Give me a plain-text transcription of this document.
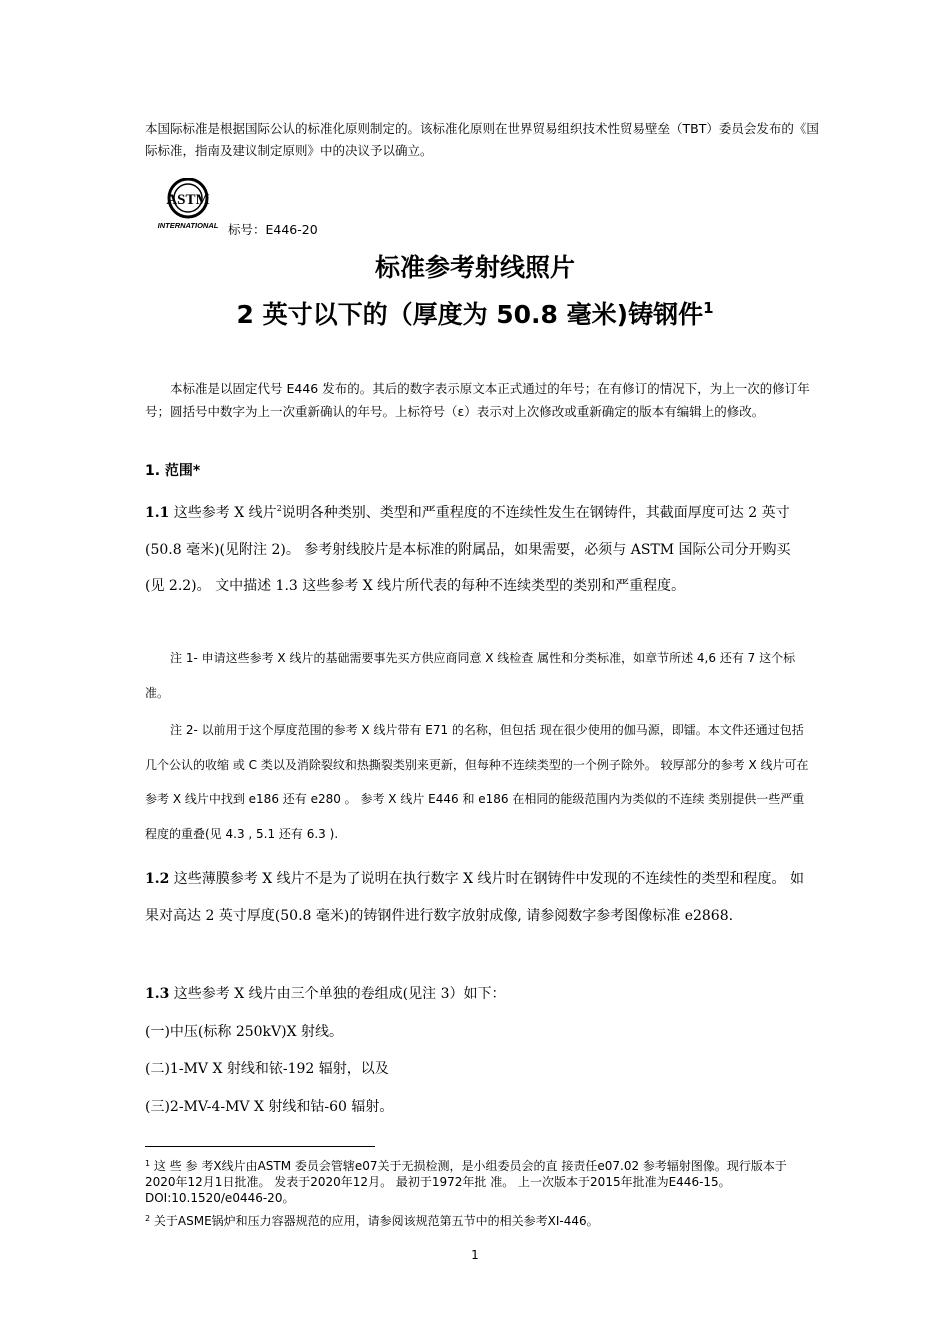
本国际标准是根据国际公认的标准化原则制定的。该标准化原则在世界贸易组织技术性贸易壁垒（TBT）委员会发布的《国际标准，指南及建议制定原则》中的决议予以确立。
ASTM
INTERNATIONAL 标号：E446-20
标准参考射线照片
2 英寸以下的（厚度为 50.8 毫米)铸钢件$^1$
本标准是以固定代号 E446 发布的。其后的数字表示原文本正式通过的年号；在有修订的情况下，为上一次的修订年号；圆括号中数字为上一次重新确认的年号。上标符号（ε）表示对上次修改或重新确定的版本有编辑上的修改。
1. 范围*
1.1 这些参考 X 线片$^2$说明各种类别、类型和严重程度的不连续性发生在钢铸件，其截面厚度可达 2 英寸(50.8 毫米)(见附注 2)。 参考射线胶片是本标准的附属品，如果需要，必须与 ASTM 国际公司分开购买(见 2.2)。 文中描述 1.3 这些参考 X 线片所代表的每种不连续类型的类别和严重程度。
注 1- 申请这些参考 X 线片的基础需要事先买方供应商同意 X 线检查 属性和分类标准，如章节所述 4,6 还有 7 这个标准。
注 2- 以前用于这个厚度范围的参考 X 线片带有 E71 的名称，但包括 现在很少使用的伽马源，即镭。本文件还通过包括几个公认的收缩 或 C 类以及消除裂纹和热撕裂类别来更新，但每种不连续类型的一个例子除外。 较厚部分的参考 X 线片可在参考 X 线片中找到 e186 还有 e280 。 参考 X 线片 E446 和 e186 在相同的能级范围内为类似的不连续 类别提供一些严重程度的重叠(见 4.3 , 5.1 还有 6.3 ).
1.2 这些薄膜参考 X 线片不是为了说明在执行数字 X 线片时在钢铸件中发现的不连续性的类型和程度。 如果对高达 2 英寸厚度(50.8 毫米)的铸钢件进行数字放射成像, 请参阅数字参考图像标准 e2868.
1.3 这些参考 X 线片由三个单独的卷组成(见注 3）如下：
(一)中压(标称 250kV)X 射线。
(二)1-MV X 射线和铱-192 辐射，以及
(三)2-MV-4-MV X 射线和钴-60 辐射。
$^1$ 这 些 参 考X线片由ASTM 委员会管辖e07关于无损检测，是小组委员会的直 接责任e07.02 参考辐射图像。现行版本于2020年12月1日批准。 发表于2020年12月。 最初于1972年批 准。 上一次版本于2015年批准为E446-15。 DOI:10.1520/e0446-20。
$^2$ 关于ASME锅炉和压力容器规范的应用，请参阅该规范第五节中的相关参考XI-446。
1
